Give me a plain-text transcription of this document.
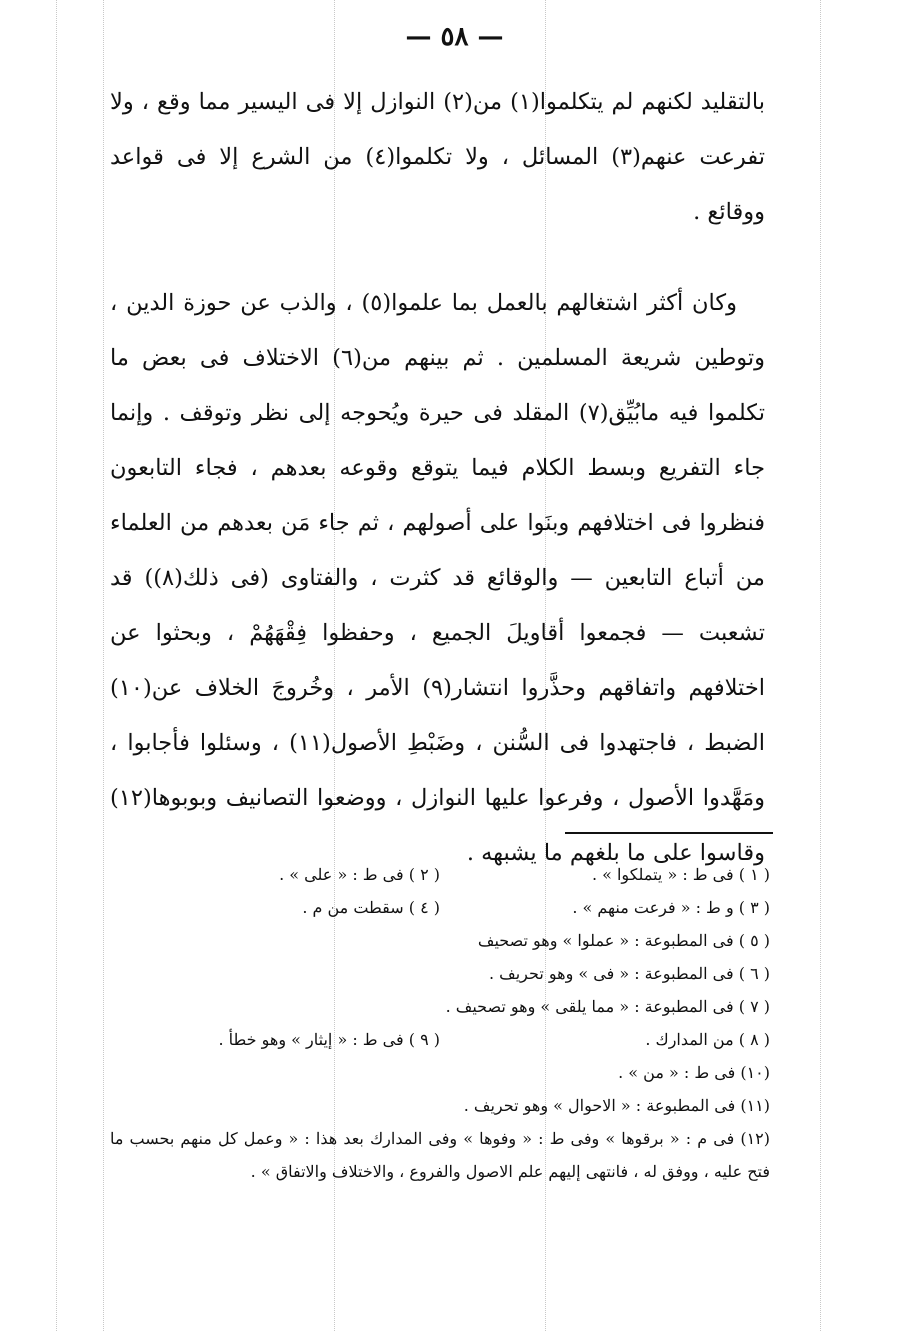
— ٥٨ —

بالتقليد لكنهم لم يتكلموا(١) من(٢) النوازل إلا فى اليسير مما وقع ، ولا تفرعت عنهم(٣) المسائل ، ولا تكلموا(٤) من الشرع إلا فى قواعد ووقائع .

وكان أكثر اشتغالهم بالعمل بما علموا(٥) ، والذب عن حوزة الدين ، وتوطين شريعة المسلمين . ثم بينهم من(٦) الاختلاف فى بعض ما تكلموا فيه مابُيِّق(٧) المقلد فى حيرة ويُحوجه إلى نظر وتوقف . وإنما جاء التفريع وبسط الكلام فيما يتوقع وقوعه بعدهم ، فجاء التابعون فنظروا فى اختلافهم وبنَوا على أصولهم ، ثم جاء مَن بعدهم من العلماء من أتباع التابعين — والوقائع قد كثرت ، والفتاوى (فى ذلك(٨)) قد تشعبت — فجمعوا أقاويلَ الجميع ، وحفظوا فِقْهَهُمْ ، وبحثوا عن اختلافهم واتفاقهم وحذَّروا انتشار(٩) الأمر ، وخُروجَ الخلاف عن(١٠) الضبط ، فاجتهدوا فى السُّنن ، وضَبْطِ الأصول(١١) ، وسئلوا فأجابوا ، ومَهَّدوا الأصول ، وفرعوا عليها النوازل ، ووضعوا التصانيف وبوبوها(١٢) وقاسوا على ما بلغهم ما يشبهه .

( ١ ) فى ط : « يتملكوا » .
( ٢ ) فى ط : « على » .
( ٣ ) و ط : « فرعت منهم » .
( ٤ ) سقطت من م .
( ٥ ) فى المطبوعة : « عملوا » وهو تصحيف
( ٦ ) فى المطبوعة : « فى » وهو تحريف .
( ٧ ) فى المطبوعة : « مما يلقى » وهو تصحيف .
( ٨ ) من المدارك .
( ٩ ) فى ط : « إيثار » وهو خطأ .
(١٠) فى ط : « من » .
(١١) فى المطبوعة : « الاحوال » وهو تحريف .
(١٢) فى م : « برقوها » وفى ط : « وفوها » وفى المدارك بعد هذا : « وعمل كل منهم بحسب ما فتح عليه ، ووفق له ، فانتهى إليهم علم الاصول والفروع ، والاختلاف والاتفاق » .
